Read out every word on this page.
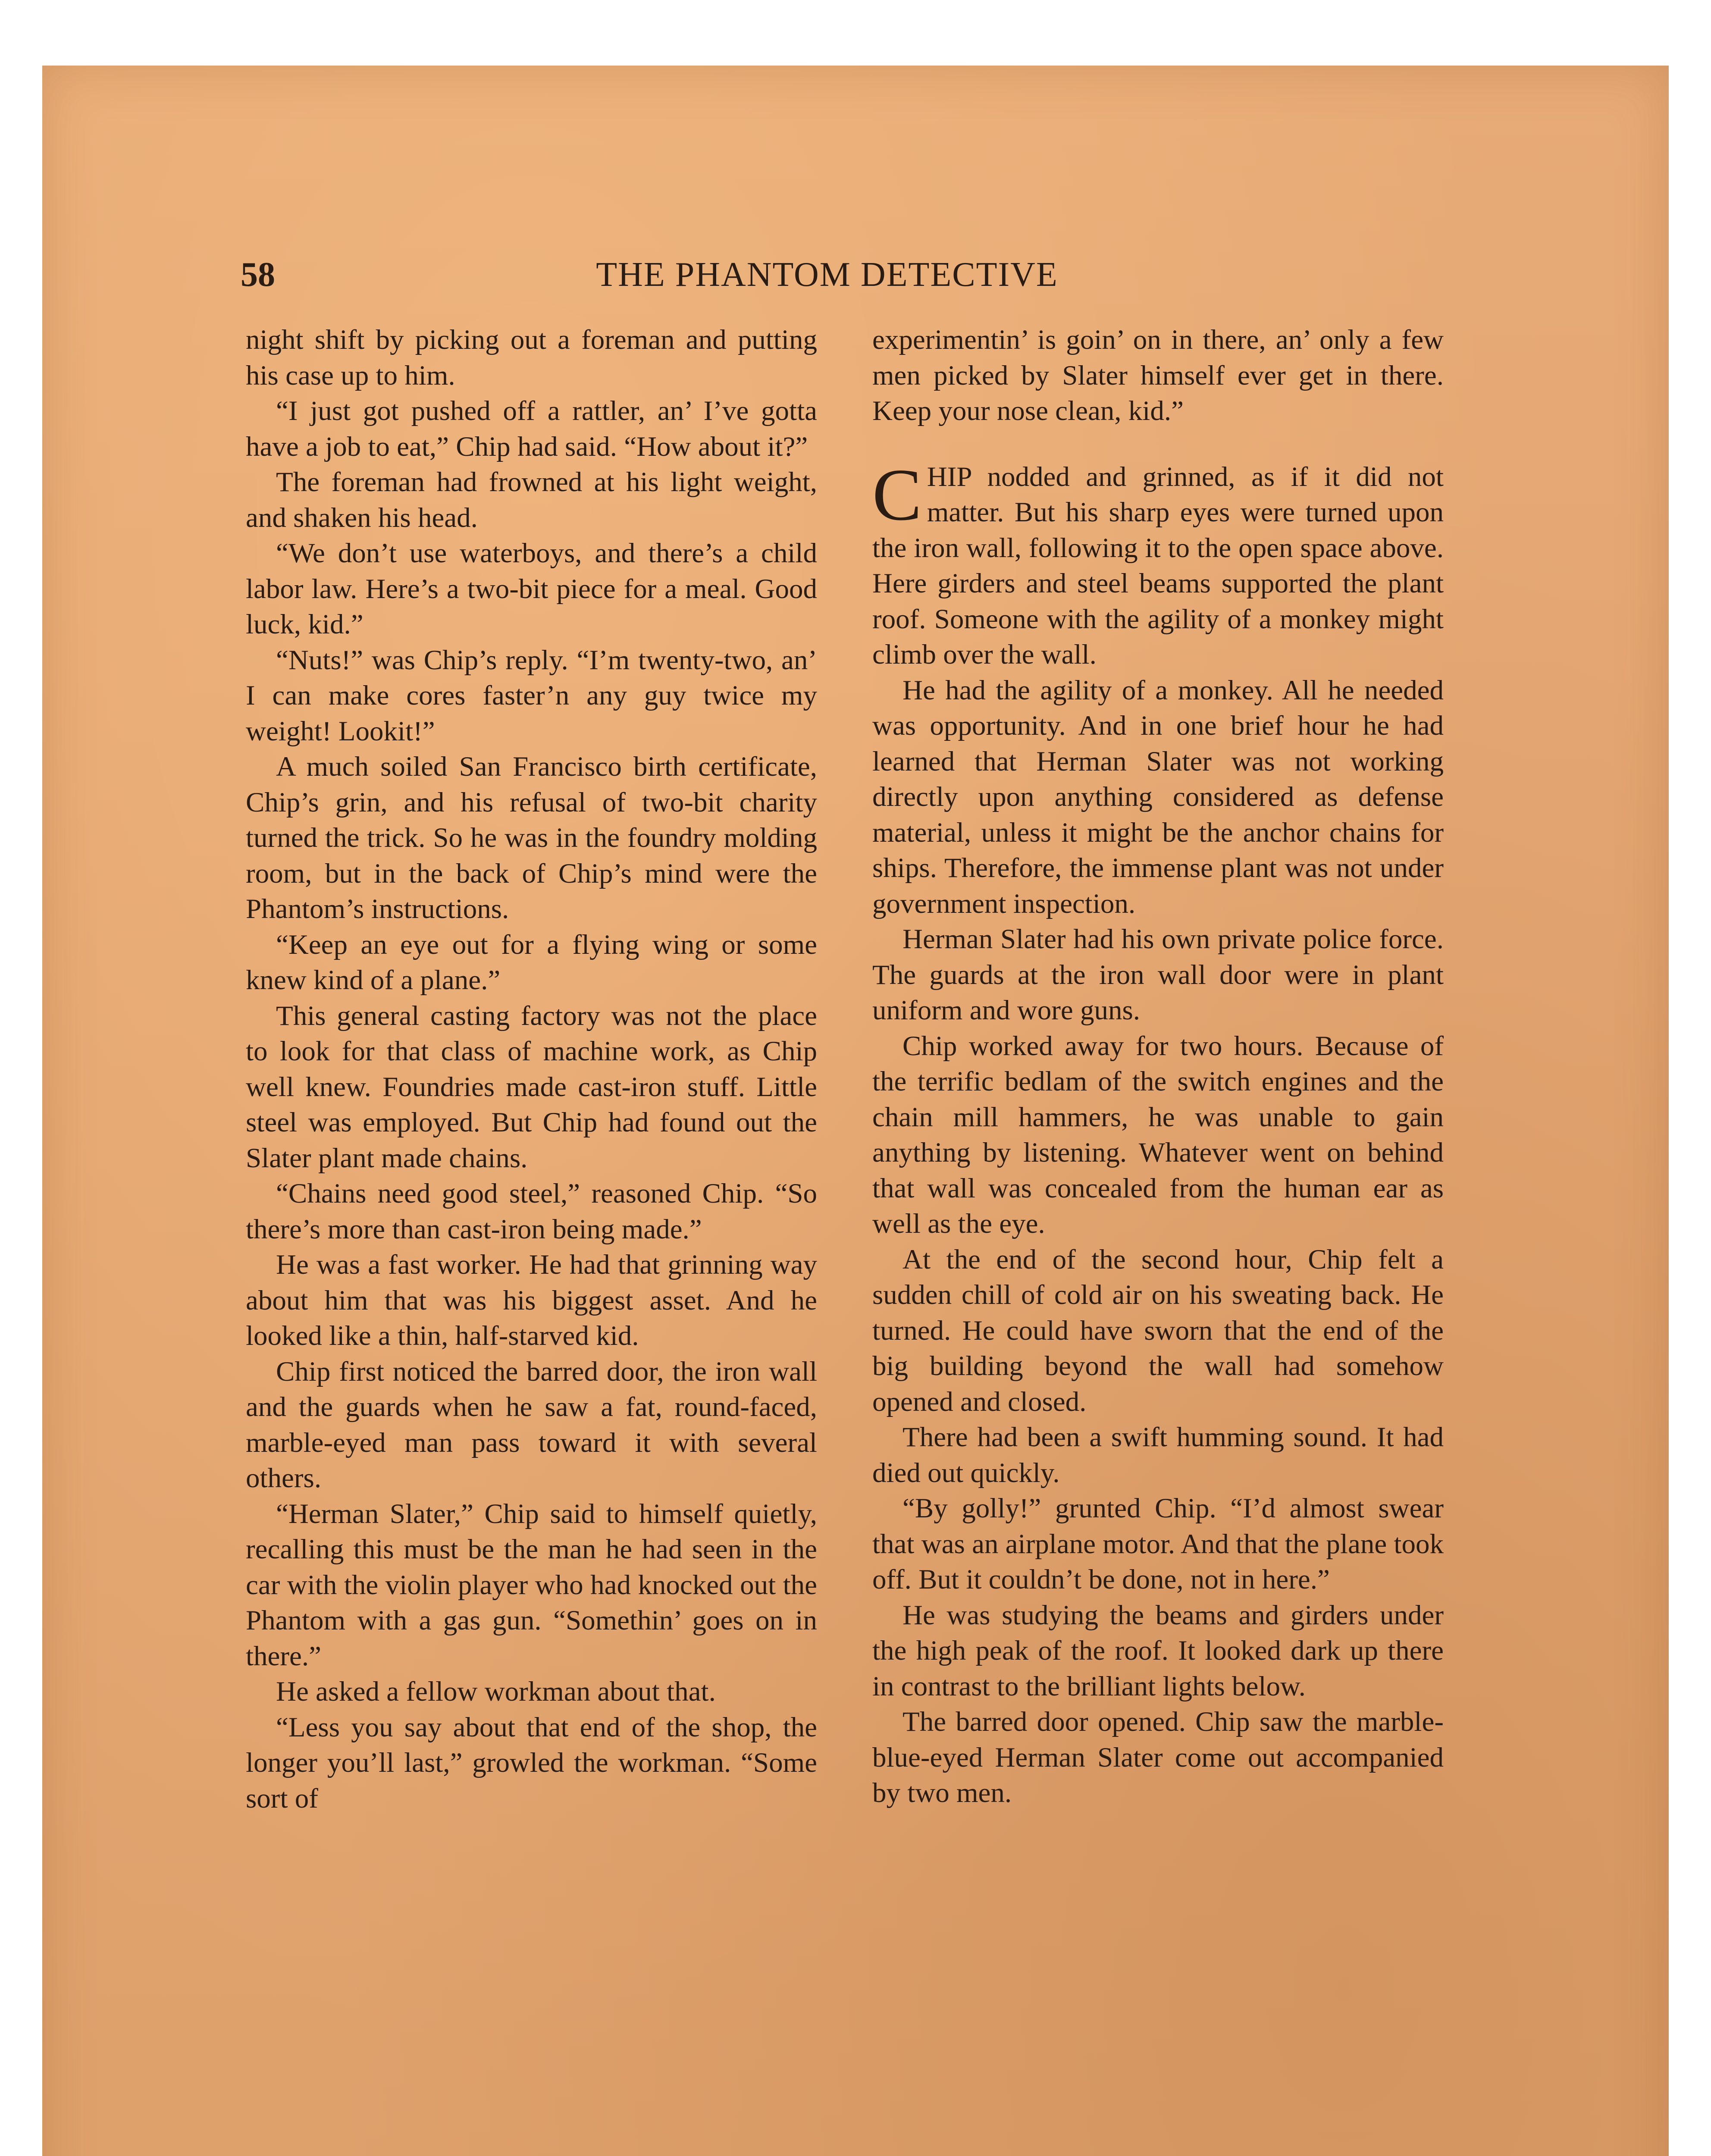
58	THE PHANTOM DETECTIVE

night shift by picking out a foreman and putting his case up to him.

“I just got pushed off a rattler, an’ I’ve gotta have a job to eat,” Chip had said. “How about it?”

The foreman had frowned at his light weight, and shaken his head.

“We don’t use waterboys, and there’s a child labor law. Here’s a two-bit piece for a meal. Good luck, kid.”

“Nuts!” was Chip’s reply. “I’m twenty-two, an’ I can make cores faster’n any guy twice my weight! Lookit!”

A much soiled San Francisco birth certificate, Chip’s grin, and his refusal of two-bit charity turned the trick. So he was in the foundry molding room, but in the back of Chip’s mind were the Phantom’s instructions.

“Keep an eye out for a flying wing or some knew kind of a plane.”

This general casting factory was not the place to look for that class of machine work, as Chip well knew. Foundries made cast-iron stuff. Little steel was employed. But Chip had found out the Slater plant made chains.

“Chains need good steel,” reasoned Chip. “So there’s more than cast-iron being made.”

He was a fast worker. He had that grinning way about him that was his biggest asset. And he looked like a thin, half-starved kid.

Chip first noticed the barred door, the iron wall and the guards when he saw a fat, round-faced, marble-eyed man pass toward it with several others.

“Herman Slater,” Chip said to himself quietly, recalling this must be the man he had seen in the car with the violin player who had knocked out the Phantom with a gas gun. “Somethin’ goes on in there.”

He asked a fellow workman about that.

“Less you say about that end of the shop, the longer you’ll last,” growled the workman. “Some sort of

experimentin’ is goin’ on in there, an’ only a few men picked by Slater himself ever get in there. Keep your nose clean, kid.”

CHIP nodded and grinned, as if it did not matter. But his sharp eyes were turned upon the iron wall, following it to the open space above. Here girders and steel beams supported the plant roof. Someone with the agility of a monkey might climb over the wall.

He had the agility of a monkey. All he needed was opportunity. And in one brief hour he had learned that Herman Slater was not working directly upon anything considered as defense material, unless it might be the anchor chains for ships. Therefore, the immense plant was not under government inspection.

Herman Slater had his own private police force. The guards at the iron wall door were in plant uniform and wore guns.

Chip worked away for two hours. Because of the terrific bedlam of the switch engines and the chain mill hammers, he was unable to gain anything by listening. Whatever went on behind that wall was concealed from the human ear as well as the eye.

At the end of the second hour, Chip felt a sudden chill of cold air on his sweating back. He turned. He could have sworn that the end of the big building beyond the wall had somehow opened and closed.

There had been a swift humming sound. It had died out quickly.

“By golly!” grunted Chip. “I’d almost swear that was an airplane motor. And that the plane took off. But it couldn’t be done, not in here.”

He was studying the beams and girders under the high peak of the roof. It looked dark up there in contrast to the brilliant lights below.

The barred door opened. Chip saw the marble-blue-eyed Herman Slater come out accompanied by two men.
